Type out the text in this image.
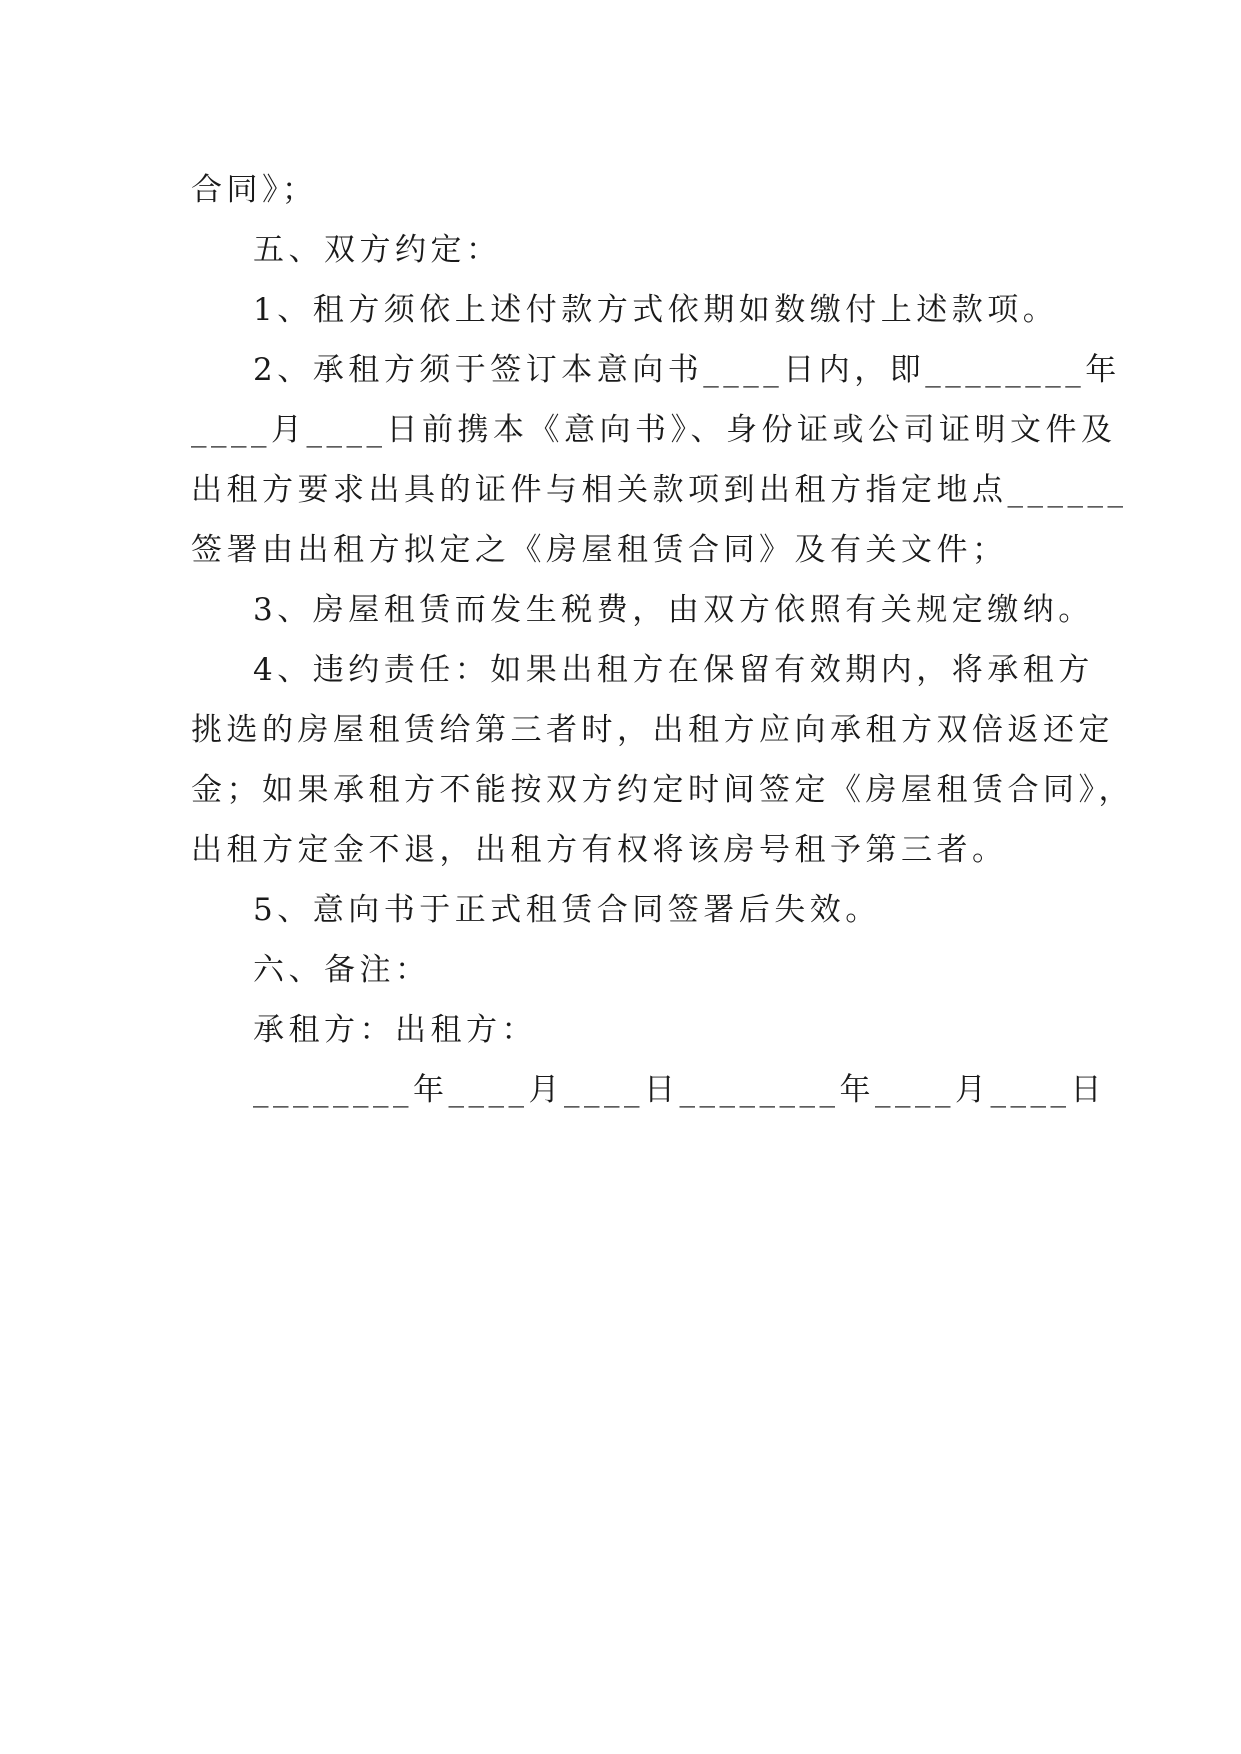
合同》；

五、双方约定：

1、租方须依上述付款方式依期如数缴付上述款项。

2、承租方须于签订本意向书____日内，即________年

____月____日前携本《意向书》、身份证或公司证明文件及
出租方要求出具的证件与相关款项到出租方指定地点______
签署由出租方拟定之《房屋租赁合同》及有关文件；

3、房屋租赁而发生税费，由双方依照有关规定缴纳。

4、违约责任：如果出租方在保留有效期内，将承租方

挑选的房屋租赁给第三者时，出租方应向承租方双倍返还定
金；如果承租方不能按双方约定时间签定《房屋租赁合同》，
出租方定金不退，出租方有权将该房号租予第三者。

5、意向书于正式租赁合同签署后失效。

六、备注：

承租方：出租方：

________年____月____日________年____月____日
